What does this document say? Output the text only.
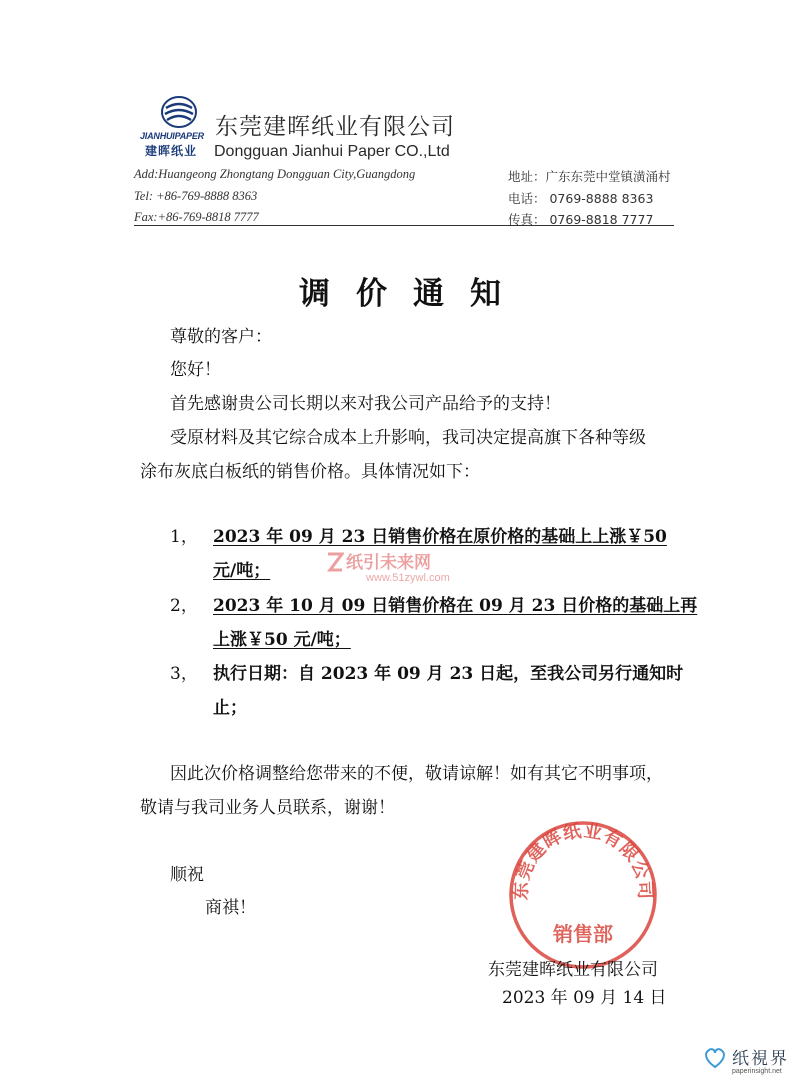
JIANHUIPAPER
建晖纸业
东莞建晖纸业有限公司
Dongguan Jianhui Paper CO.,Ltd
Add:Huangeong Zhongtang Dongguan City,Guangdong
Tel: +86-769-8888 8363
Fax:+86-769-8818 7777
地址：广东东莞中堂镇潢涌村
电话： 0769-8888 8363
传真： 0769-8818 7777
调价通知
尊敬的客户：
您好！
首先感谢贵公司长期以来对我公司产品给予的支持！
受原材料及其它综合成本上升影响，我司决定提高旗下各种等级
涂布灰底白板纸的销售价格。具体情况如下：
1， 2023 年 09 月 23 日销售价格在原价格的基础上上涨￥50
元/吨；
2， 2023 年 10 月 09 日销售价格在 09 月 23 日价格的基础上再
上涨￥50 元/吨；
3， 执行日期：自 2023 年 09 月 23 日起，至我公司另行通知时
止；
纸引未来网
www.51zywl.com
因此次价格调整给您带来的不便，敬请谅解！如有其它不明事项，
敬请与我司业务人员联系，谢谢！
顺祝
商祺！
东莞建晖纸业有限公司
销售部
东莞建晖纸业有限公司
2023 年 09 月 14 日
纸視界
paperinsight.net
